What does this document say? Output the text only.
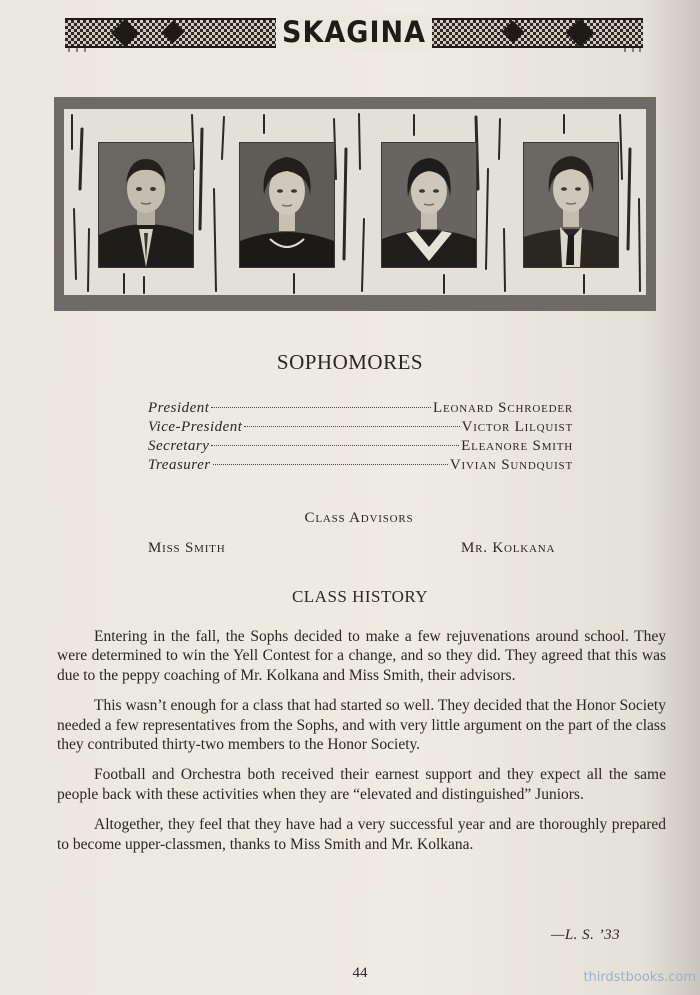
SKAGINA
SOPHOMORES
President	Leonard Schroeder
Vice-President	Victor Lilquist
Secretary	Eleanore Smith
Treasurer	Vivian Sundquist
Class Advisors
Miss Smith	Mr. Kolkana
CLASS HISTORY

Entering in the fall, the Sophs decided to make a few rejuvenations around school. They were determined to win the Yell Contest for a change, and so they did. They agreed that this was due to the peppy coaching of Mr. Kolkana and Miss Smith, their advisors.

This wasn’t enough for a class that had started so well. They decided that the Honor Society needed a few representatives from the Sophs, and with very little argument on the part of the class they contributed thirty-two members to the Honor Society.

Football and Orchestra both received their earnest support and they expect all the same people back with these activities when they are “elevated and distinguished” Juniors.

Altogether, they feel that they have had a very successful year and are thoroughly prepared to become upper-classmen, thanks to Miss Smith and Mr. Kolkana.

—L. S. ’33
44	thirdstbooks.com
